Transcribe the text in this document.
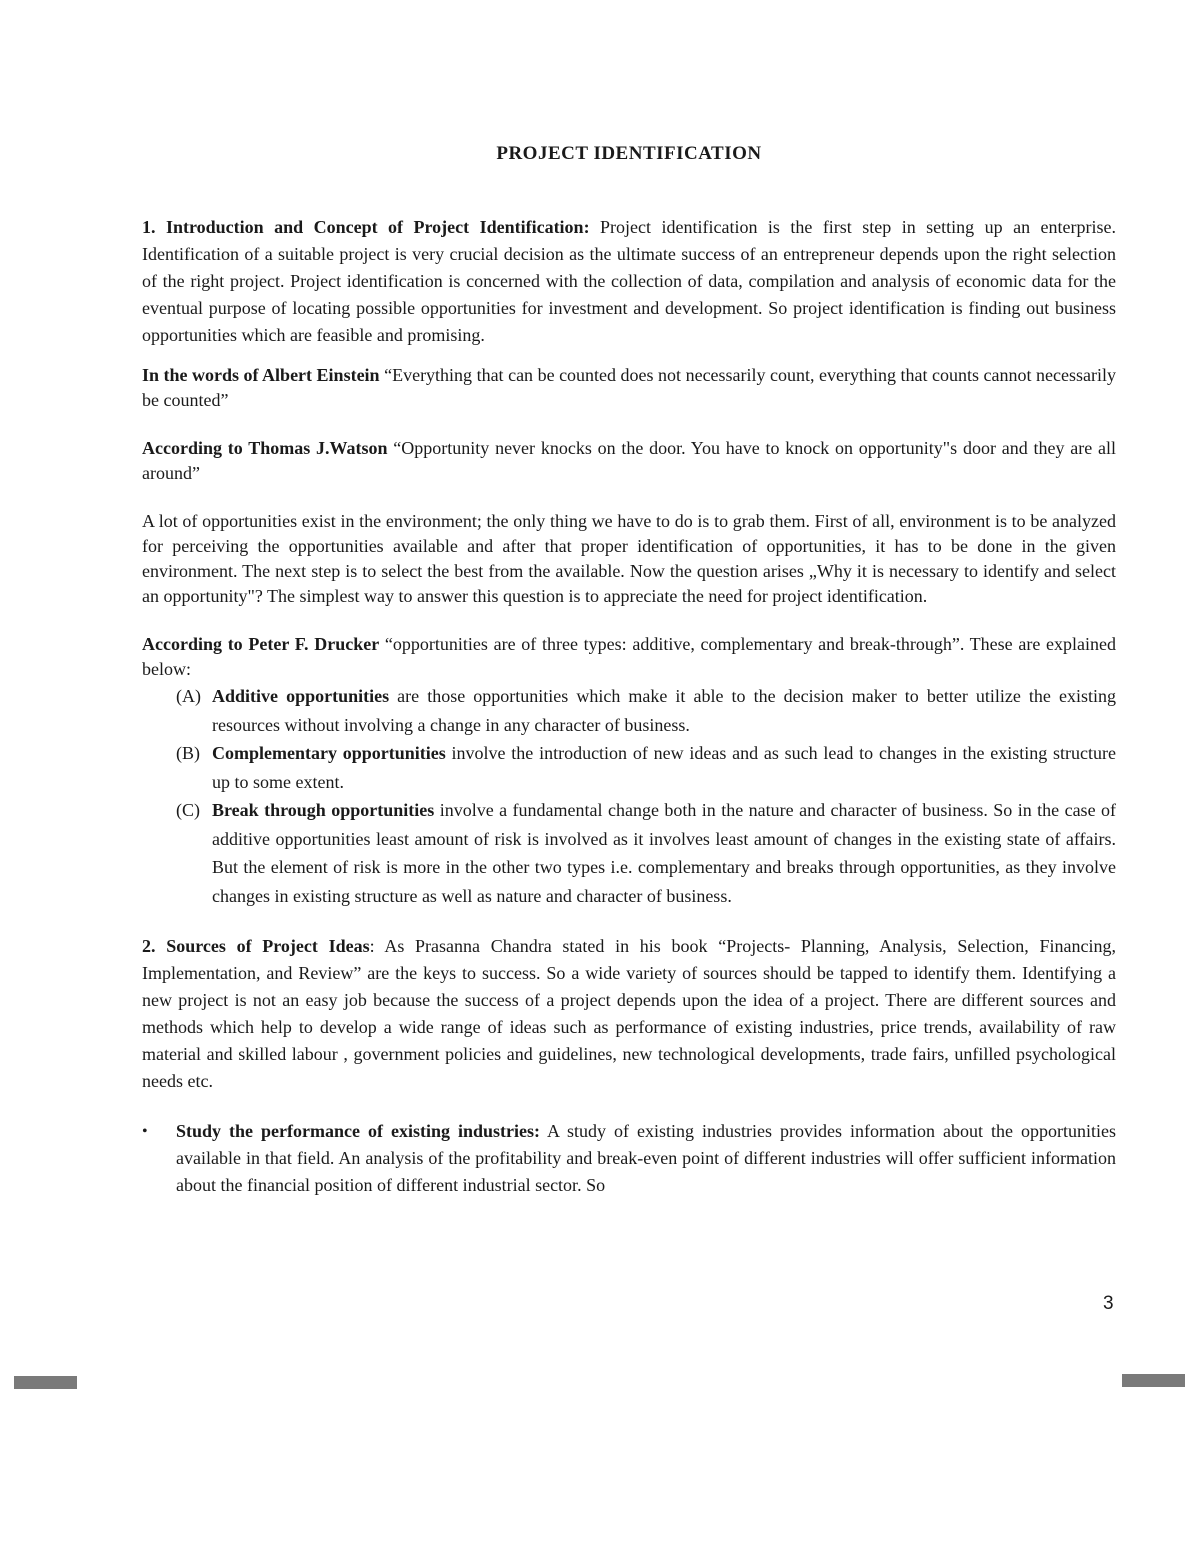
PROJECT IDENTIFICATION

1. Introduction and Concept of Project Identification: Project identification is the first step in setting up an enterprise. Identification of a suitable project is very crucial decision as the ultimate success of an entrepreneur depends upon the right selection of the right project. Project identification is concerned with the collection of data, compilation and analysis of economic data for the eventual purpose of locating possible opportunities for investment and development. So project identification is finding out business opportunities which are feasible and promising.

In the words of Albert Einstein “Everything that can be counted does not necessarily count, everything that counts cannot necessarily be counted”

According to Thomas J.Watson “Opportunity never knocks on the door. You have to knock on opportunity"s door and they are all around”

A lot of opportunities exist in the environment; the only thing we have to do is to grab them. First of all, environment is to be analyzed for perceiving the opportunities available and after that proper identification of opportunities, it has to be done in the given environment. The next step is to select the best from the available. Now the question arises „Why it is necessary to identify and select an opportunity"? The simplest way to answer this question is to appreciate the need for project identification.

According to Peter F. Drucker “opportunities are of three types: additive, complementary and break-through”. These are explained below:

(A) Additive opportunities are those opportunities which make it able to the decision maker to better utilize the existing resources without involving a change in any character of business.
(B) Complementary opportunities involve the introduction of new ideas and as such lead to changes in the existing structure up to some extent.
(C) Break through opportunities involve a fundamental change both in the nature and character of business. So in the case of additive opportunities least amount of risk is involved as it involves least amount of changes in the existing state of affairs. But the element of risk is more in the other two types i.e. complementary and breaks through opportunities, as they involve changes in existing structure as well as nature and character of business.

2. Sources of Project Ideas: As Prasanna Chandra stated in his book “Projects- Planning, Analysis, Selection, Financing, Implementation, and Review” are the keys to success. So a wide variety of sources should be tapped to identify them. Identifying a new project is not an easy job because the success of a project depends upon the idea of a project. There are different sources and methods which help to develop a wide range of ideas such as performance of existing industries, price trends, availability of raw material and skilled labour , government policies and guidelines, new technological developments, trade fairs, unfilled psychological needs etc.

• Study the performance of existing industries: A study of existing industries provides information about the opportunities available in that field. An analysis of the profitability and break-even point of different industries will offer sufficient information about the financial position of different industrial sector. So
3
